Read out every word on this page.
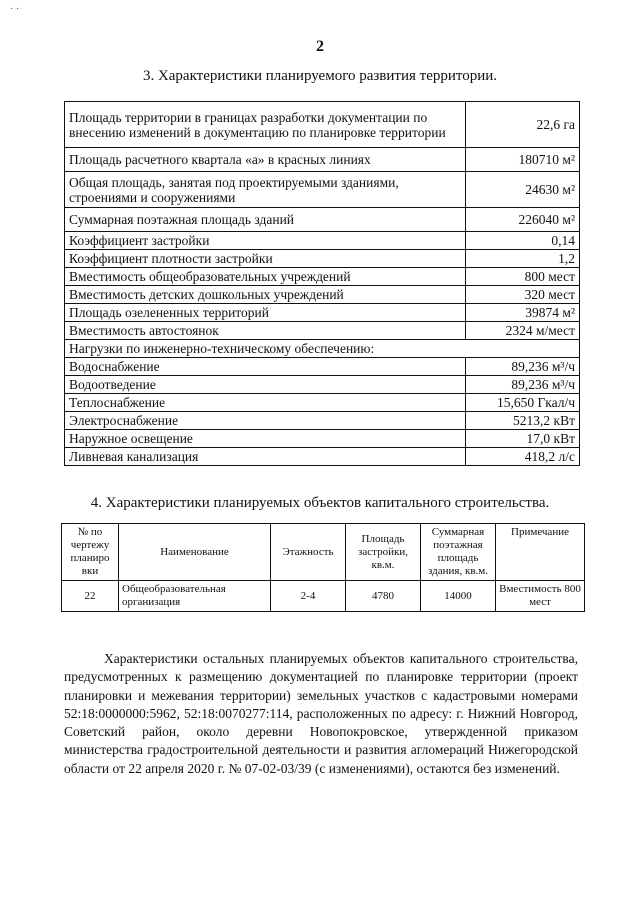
· ·
2
3. Характеристики планируемого развития территории.
Площадь территории в границах разработки документации по внесению изменений в документацию по планировке территории	22,6 га
Площадь расчетного квартала «а» в красных линиях	180710 м²
Общая площадь, занятая под проектируемыми зданиями, строениями и сооружениями	24630 м²
Суммарная поэтажная площадь зданий	226040 м²
Коэффициент застройки	0,14
Коэффициент плотности застройки	1,2
Вместимость общеобразовательных учреждений	800 мест
Вместимость детских дошкольных учреждений	320 мест
Площадь озелененных территорий	39874 м²
Вместимость автостоянок	2324 м/мест
Нагрузки по инженерно-техническому обеспечению:	
Водоснабжение	89,236 м³/ч
Водоотведение	89,236 м³/ч
Теплоснабжение	15,650 Гкал/ч
Электроснабжение	5213,2 кВт
Наружное освещение	17,0 кВт
Ливневая канализация	418,2 л/с
4. Характеристики планируемых объектов капитального строительства.
№ по чертежу планиро вки	Наименование	Этажность	Площадь застройки, кв.м.	Суммарная поэтажная площадь здания, кв.м.	Примечание
22	Общеобразовательная организация	2-4	4780	14000	Вместимость 800 мест
Характеристики остальных планируемых объектов капитального строительства, предусмотренных к размещению документацией по планировке территории (проект планировки и межевания территории) земельных участков с кадастровыми номерами 52:18:0000000:5962, 52:18:0070277:114, расположенных по адресу: г. Нижний Новгород, Советский район, около деревни Новопокровское, утвержденной приказом министерства градостроительной деятельности и развития агломераций Нижегородской области от 22 апреля 2020 г. № 07-02-03/39 (с изменениями), остаются без изменений.
